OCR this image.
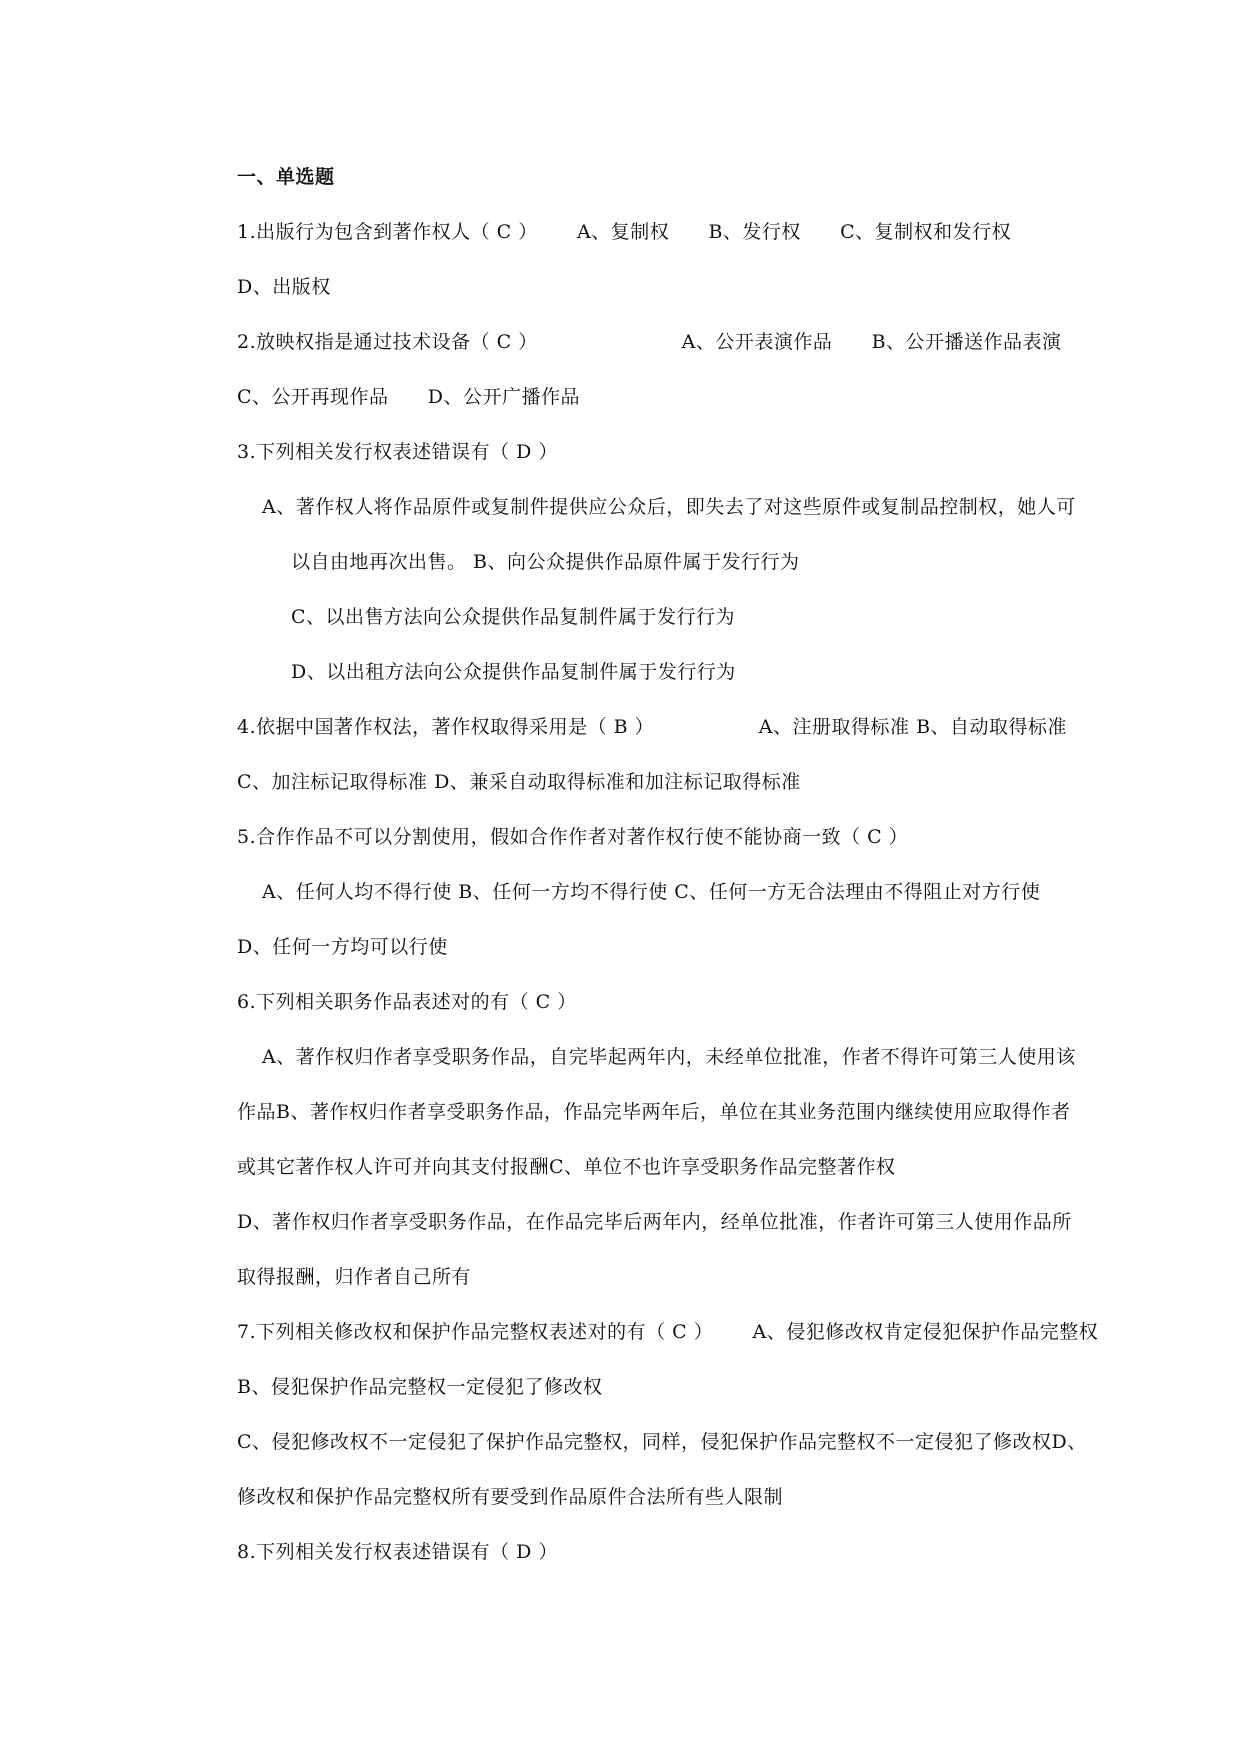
一、单选题
1.出版行为包含到著作权人（ C ）      A、复制权      B、发行权      C、复制权和发行权
D、出版权
2.放映权指是通过技术设备（ C ）                      A、公开表演作品      B、公开播送作品表演
C、公开再现作品      D、公开广播作品
3.下列相关发行权表述错误有（ D ）
A、著作权人将作品原件或复制件提供应公众后，即失去了对这些原件或复制品控制权，她人可
以自由地再次出售。 B、向公众提供作品原件属于发行行为
C、以出售方法向公众提供作品复制件属于发行行为
D、以出租方法向公众提供作品复制件属于发行行为
4.依据中国著作权法，著作权取得采用是（ B ）                A、注册取得标准 B、自动取得标准
C、加注标记取得标准 D、兼采自动取得标准和加注标记取得标准
5.合作作品不可以分割使用，假如合作作者对著作权行使不能协商一致（ C ）
A、任何人均不得行使 B、任何一方均不得行使 C、任何一方无合法理由不得阻止对方行使
D、任何一方均可以行使
6.下列相关职务作品表述对的有（ C ）
A、著作权归作者享受职务作品，自完毕起两年内，未经单位批准，作者不得许可第三人使用该
作品B、著作权归作者享受职务作品，作品完毕两年后，单位在其业务范围内继续使用应取得作者
或其它著作权人许可并向其支付报酬C、单位不也许享受职务作品完整著作权
D、著作权归作者享受职务作品，在作品完毕后两年内，经单位批准，作者许可第三人使用作品所
取得报酬，归作者自己所有
7.下列相关修改权和保护作品完整权表述对的有（ C ）      A、侵犯修改权肯定侵犯保护作品完整权
B、侵犯保护作品完整权一定侵犯了修改权
C、侵犯修改权不一定侵犯了保护作品完整权，同样，侵犯保护作品完整权不一定侵犯了修改权D、
修改权和保护作品完整权所有要受到作品原件合法所有些人限制
8.下列相关发行权表述错误有（ D ）
